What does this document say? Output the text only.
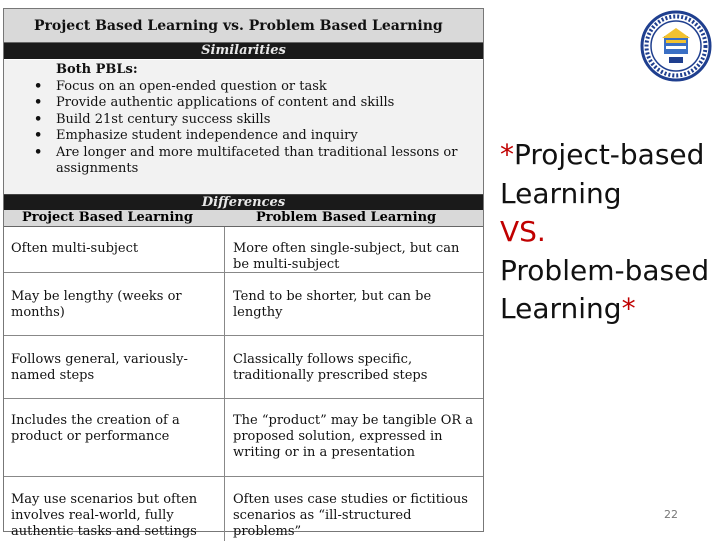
Project Based Learning vs. Problem Based Learning
Similarities
Both PBLs:
• Focus on an open-ended question or task
• Provide authentic applications of content and skills
• Build 21st century success skills
• Emphasize student independence and inquiry
• Are longer and more multifaceted than traditional lessons or assignments
Differences
Project Based Learning	Problem Based Learning
Often multi-subject	More often single-subject, but can be multi-subject
May be lengthy (weeks or months)
Tend to be shorter, but can be lengthy
Follows general, variously-named steps
Classically follows specific, traditionally prescribed steps
Includes the creation of a product or performance
The “product” may be tangible OR a proposed solution, expressed in writing or in a presentation
May use scenarios but often involves real-world, fully authentic tasks and settings
Often uses case studies or fictitious scenarios as “ill-structured problems”
*Project-based
Learning
VS.
Problem-based
Learning*
22
